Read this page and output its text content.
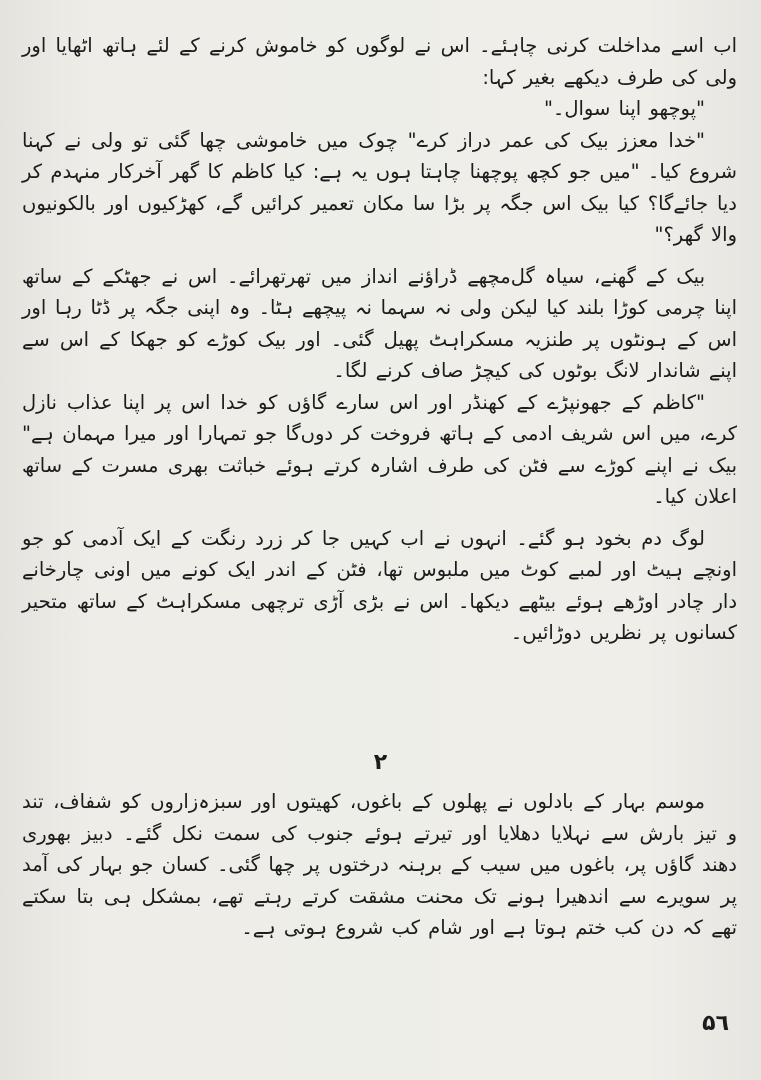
اب اسے مداخلت کرنی چاہئے۔ اس نے لوگوں کو خاموش کرنے کے لئے ہاتھ اٹھایا اور ولی کی طرف دیکھے بغیر کہا:

"پوچھو اپنا سوال۔"

"خدا معزز بیک کی عمر دراز کرے" چوک میں خاموشی چھا گئی تو ولی نے کہنا شروع کیا۔ "میں جو کچھ پوچھنا چاہتا ہوں یہ ہے: کیا کاظم کا گھر آخرکار منہدم کر دیا جائےگا؟ کیا بیک اس جگہ پر بڑا سا مکان تعمیر کرائیں گے، کھڑکیوں اور بالکونیوں والا گھر؟"

بیک کے گھنے، سیاہ گل‌مچھے ڈراؤنے انداز میں تھرتھرائے۔ اس نے جھٹکے کے ساتھ اپنا چرمی کوڑا بلند کیا لیکن ولی نہ سہما نہ پیچھے ہٹا۔ وہ اپنی جگہ پر ڈٹا رہا اور اس کے ہونٹوں پر طنزیہ مسکراہٹ پھیل گئی۔ اور بیک کوڑے کو جھکا کے اس سے اپنے شاندار لانگ بوٹوں کی کیچڑ صاف کرنے لگا۔

"کاظم کے جھونپڑے کے کھنڈر اور اس سارے گاؤں کو خدا اس پر اپنا عذاب نازل کرے، میں اس شریف ادمی کے ہاتھ فروخت کر دوں‌گا جو تمہارا اور میرا مہمان ہے" بیک نے اپنے کوڑے سے فٹن کی طرف اشارہ کرتے ہوئے خباثت بھری مسرت کے ساتھ اعلان کیا۔

لوگ دم بخود ہو گئے۔ انہوں نے اب کہیں جا کر زرد رنگت کے ایک آدمی کو جو اونچے ہیٹ اور لمبے کوٹ میں ملبوس تھا، فٹن کے اندر ایک کونے میں اونی چارخانے دار چادر اوڑھے ہوئے بیٹھے دیکھا۔ اس نے بڑی آڑی ترچھی مسکراہٹ کے ساتھ متحیر کسانوں پر نظریں دوڑائیں۔

۲

موسم بہار کے بادلوں نے پھلوں کے باغوں، کھیتوں اور سبزہ‌زاروں کو شفاف، تند و تیز بارش سے نہلایا دھلایا اور تیرتے ہوئے جنوب کی سمت نکل گئے۔ دبیز بھوری دھند گاؤں پر، باغوں میں سیب کے برہنہ درختوں پر چھا گئی۔ کسان جو بہار کی آمد پر سویرے سے اندھیرا ہونے تک محنت مشقت کرتے رہتے تھے، بمشکل ہی بتا سکتے تھے کہ دن کب ختم ہوتا ہے اور شام کب شروع ہوتی ہے۔

۵٦
